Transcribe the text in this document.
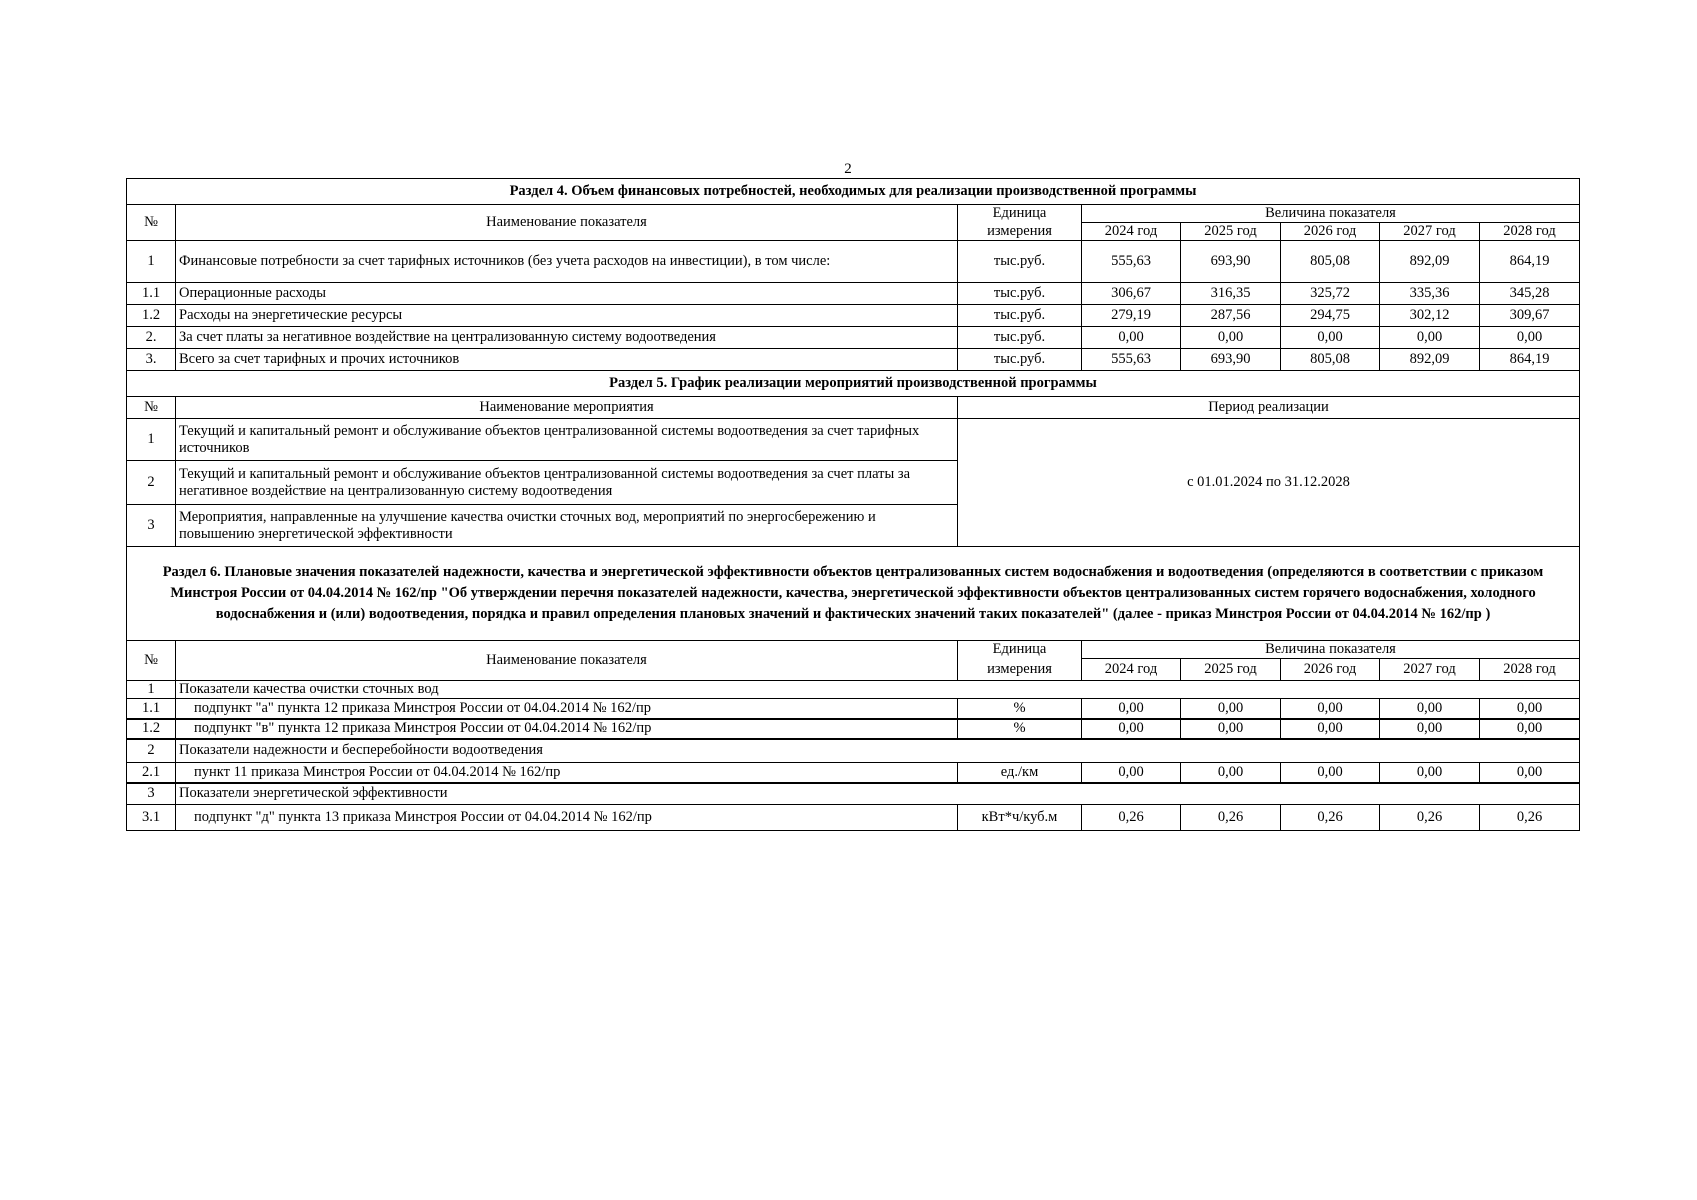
2
Раздел 4. Объем финансовых потребностей, необходимых для реализации производственной программы							
№	Наименование показателя	Единица	Величина показателя				
		измерения	2024 год	2025 год	2026 год	2027 год	2028 год
1	Финансовые потребности за счет тарифных источников (без учета расходов на инвестиции), в том числе:	тыс.руб.	555,63	693,90	805,08	892,09	864,19
1.1	Операционные расходы	тыс.руб.	306,67	316,35	325,72	335,36	345,28
1.2	Расходы на энергетические ресурсы	тыс.руб.	279,19	287,56	294,75	302,12	309,67
2.	За счет платы за негативное воздействие на централизованную систему водоотведения	тыс.руб.	0,00	0,00	0,00	0,00	0,00
3.	Всего за счет тарифных и прочих источников	тыс.руб.	555,63	693,90	805,08	892,09	864,19
Раздел 5. График реализации мероприятий производственной программы							
№	Наименование мероприятия	Период реализации					
1	Текущий и капитальный ремонт и обслуживание объектов централизованной системы водоотведения за счет тарифных источников	с 01.01.2024 по 31.12.2028					
2	Текущий и капитальный ремонт и обслуживание объектов централизованной системы водоотведения за счет платы за негативное воздействие на централизованную систему водоотведения						
3	Мероприятия, направленные на улучшение качества очистки сточных вод, мероприятий по энергосбережению и повышению энергетической эффективности						
Раздел 6. Плановые значения показателей надежности, качества и энергетической эффективности объектов централизованных систем водоснабжения и водоотведения (определяются в соответствии с приказом Минстроя России от 04.04.2014 № 162/пр "Об утверждении перечня показателей надежности, качества, энергетической эффективности объектов централизованных систем горячего водоснабжения, холодного водоснабжения и (или) водоотведения, порядка и правил определения плановых значений и фактических значений таких показателей" (далее - приказ Минстроя России от 04.04.2014 № 162/пр )							
№	Наименование показателя	Единица	Величина показателя				
		измерения	2024 год	2025 год	2026 год	2027 год	2028 год
1	Показатели качества очистки сточных вод						
1.1	подпункт "а" пункта 12 приказа Минстроя России от 04.04.2014 № 162/пр	%	0,00	0,00	0,00	0,00	0,00
1.2	подпункт "в" пункта 12 приказа Минстроя России от 04.04.2014 № 162/пр	%	0,00	0,00	0,00	0,00	0,00
2	Показатели надежности и бесперебойности водоотведения						
2.1	пункт 11 приказа Минстроя России от 04.04.2014 № 162/пр	ед./км	0,00	0,00	0,00	0,00	0,00
3	Показатели энергетической эффективности						
3.1	подпункт "д" пункта 13 приказа Минстроя России от 04.04.2014 № 162/пр	кВт*ч/куб.м	0,26	0,26	0,26	0,26	0,26
